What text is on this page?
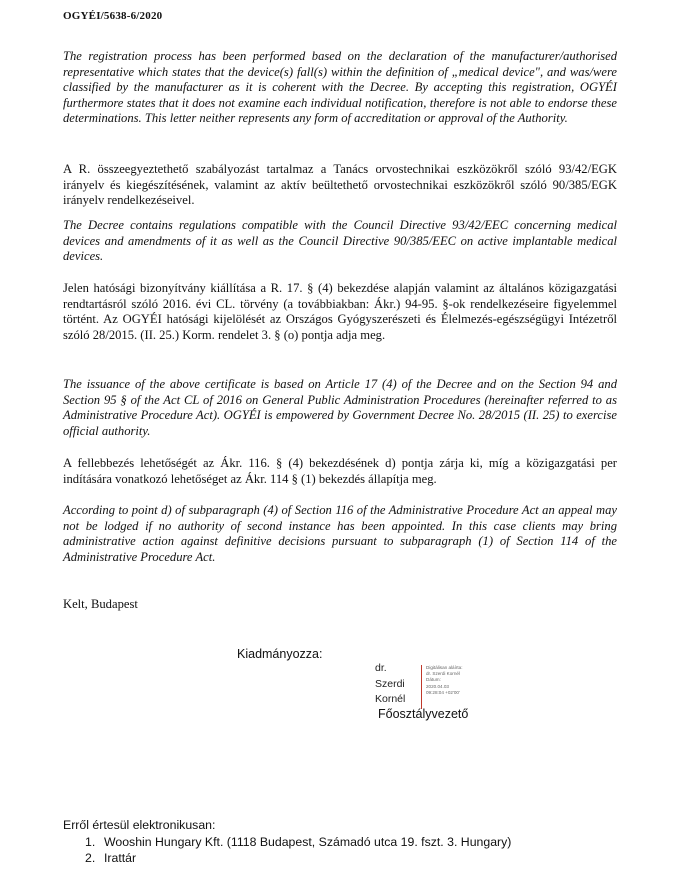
OGYÉI/5638-6/2020

The registration process has been performed based on the declaration of the manufacturer/authorised representative which states that the device(s) fall(s) within the definition of „medical device", and was/were classified by the manufacturer as it is coherent with the Decree. By accepting this registration, OGYÉI furthermore states that it does not examine each individual notification, therefore is not able to endorse these determinations. This letter neither represents any form of accreditation or approval of the Authority.

A R. összeegyeztethető szabályozást tartalmaz a Tanács orvostechnikai eszközökről szóló 93/42/EGK irányelv és kiegészítésének, valamint az aktív beültethető orvostechnikai eszközökről szóló 90/385/EGK irányelv rendelkezéseivel.

The Decree contains regulations compatible with the Council Directive 93/42/EEC concerning medical devices and amendments of it as well as the Council Directive 90/385/EEC on active implantable medical devices.

Jelen hatósági bizonyítvány kiállítása a R. 17. § (4) bekezdése alapján valamint az általános közigazgatási rendtartásról szóló 2016. évi CL. törvény (a továbbiakban: Ákr.) 94-95. §-ok rendelkezéseire figyelemmel történt. Az OGYÉI hatósági kijelölését az Országos Gyógyszerészeti és Élelmezés-egészségügyi Intézetről szóló 28/2015. (II. 25.) Korm. rendelet 3. § (o) pontja adja meg.

The issuance of the above certificate is based on Article 17 (4) of the Decree and on the Section 94 and Section 95 § of the Act CL of 2016 on General Public Administration Procedures (hereinafter referred to as Administrative Procedure Act). OGYÉI is empowered by Government Decree No. 28/2015 (II. 25) to exercise official authority.

A fellebbezés lehetőségét az Ákr. 116. § (4) bekezdésének d) pontja zárja ki, míg a közigazgatási per indítására vonatkozó lehetőséget az Ákr. 114 § (1) bekezdés állapítja meg.

According to point d) of subparagraph (4) of Section 116 of the Administrative Procedure Act an appeal may not be lodged if no authority of second instance has been appointed. In this case clients may bring administrative action against definitive decisions pursuant to subparagraph (1) of Section 114 of the Administrative Procedure Act.

Kelt, Budapest
Kiadmányozza:
dr.
Szerdi
Kornél
Digitálisan aláírta:
dr. Szerdi Kornél
Dátum:
2020.04.03
09:28:04 +02'00'
Főosztályvezető
Erről értesül elektronikusan:
1. Wooshin Hungary Kft. (1118 Budapest, Számadó utca 19. fszt. 3. Hungary)
2. Irattár
